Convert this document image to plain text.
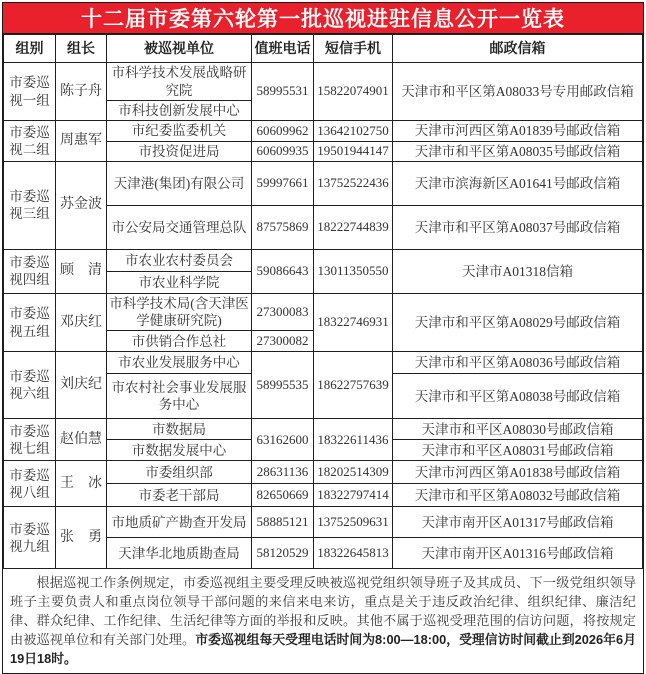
十二届市委第六轮第一批巡视进驻信息公开一览表
组别	组长	被巡视单位	值班电话	短信手机	邮政信箱
市委巡视一组	陈子舟	市科学技术发展战略研究院	58995531	15822074901	天津市和平区第A08033号专用邮政信箱
		市科技创新发展中心			
市委巡视二组	周惠军	市纪委监委机关	60609962	13642102750	天津市河西区第A01839号邮政信箱
		市投资促进局	60609935	19501944147	天津市和平区第A08035号邮政信箱
市委巡视三组	苏金波	天津港(集团)有限公司	59997661	13752522436	天津市滨海新区A01641号邮政信箱
		市公安局交通管理总队	87575869	18222744839	天津市和平区第A08037号邮政信箱
市委巡视四组	顾　清	市农业农村委员会	59086643	13011350550	天津市A01318信箱
		市农业科学院			
市委巡视五组	邓庆红	市科学技术局(含天津医学健康研究院)	27300083	18322746931	天津市和平区第A08029号邮政信箱
		市供销合作总社	27300082		
市委巡视六组	刘庆纪	市农业发展服务中心	58995535	18622757639	天津市和平区第A08036号邮政信箱
		市农村社会事业发展服务中心			天津市和平区第A08038号邮政信箱
市委巡视七组	赵伯慧	市数据局	63162600	18322611436	天津市和平区A08030号邮政信箱
		市数据发展中心			天津市和平区A08031号邮政信箱
市委巡视八组	王　冰	市委组织部	28631136	18202514309	天津市河西区第A01838号邮政信箱
		市委老干部局	82650669	18322797414	天津市和平区第A08032号邮政信箱
市委巡视九组	张　勇	市地质矿产勘查开发局	58885121	13752509631	天津市南开区A01317号邮政信箱
		天津华北地质勘查局	58120529	18322645813	天津市南开区A01316号邮政信箱

根据巡视工作条例规定，市委巡视组主要受理反映被巡视党组织领导班子及其成员、下一级党组织领导班子主要负责人和重点岗位领导干部问题的来信来电来访，重点是关于违反政治纪律、组织纪律、廉洁纪律、群众纪律、工作纪律、生活纪律等方面的举报和反映。其他不属于巡视受理范围的信访问题，将按规定由被巡视单位和有关部门处理。市委巡视组每天受理电话时间为8:00—18:00，受理信访时间截止到2026年6月19日18时。
